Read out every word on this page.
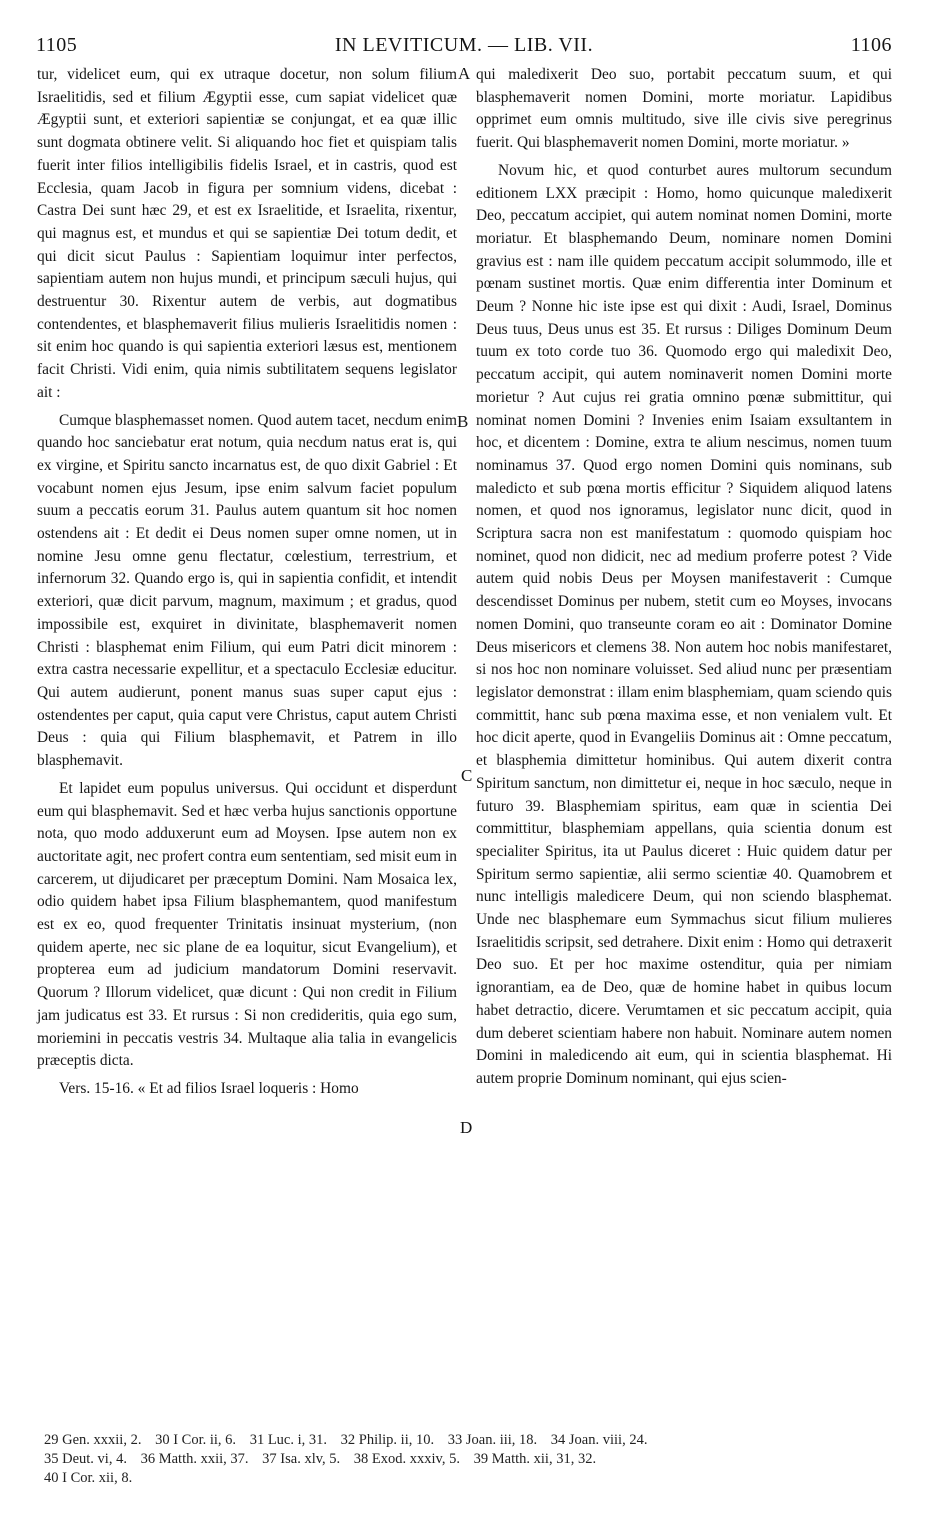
1105	IN LEVITICUM. — LIB. VII.	1106

tur, videlicet eum, qui ex utraque docetur, non solum filium Israelitidis, sed et filium Ægyptii esse, cum sapiat videlicet quæ Ægyptii sunt, et exteriori sapientiæ se conjungat, et ea quæ illic sunt dogmata obtinere velit. Si aliquando hoc fiet et quispiam talis fuerit inter filios intelligibilis fidelis Israel, et in castris, quod est Ecclesia, quam Jacob in figura per somnium videns, dicebat : Castra Dei sunt hæc 29, et est ex Israelitide, et Israelita, rixentur, qui magnus est, et mundus et qui se sapientiæ Dei totum dedit, et qui dicit sicut Paulus : Sapientiam loquimur inter perfectos, sapientiam autem non hujus mundi, et principum sæculi hujus, qui destruentur 30. Rixentur autem de verbis, aut dogmatibus contendentes, et blasphemaverit filius mulieris Israelitidis nomen : sit enim hoc quando is qui sapientia exteriori læsus est, mentionem facit Christi. Vidi enim, quia nimis subtilitatem sequens legislator ait :

Cumque blasphemasset nomen. Quod autem tacet, necdum enim quando hoc sanciebatur erat notum, quia necdum natus erat is, qui ex virgine, et Spiritu sancto incarnatus est, de quo dixit Gabriel : Et vocabunt nomen ejus Jesum, ipse enim salvum faciet populum suum a peccatis eorum 31. Paulus autem quantum sit hoc nomen ostendens ait : Et dedit ei Deus nomen super omne nomen, ut in nomine Jesu omne genu flectatur, cœlestium, terrestrium, et infernorum 32. Quando ergo is, qui in sapientia confidit, et intendit exteriori, quæ dicit parvum, magnum, maximum ; et gradus, quod impossibile est, exquiret in divinitate, blasphemaverit nomen Christi : blasphemat enim Filium, qui eum Patri dicit minorem : extra castra necessarie expellitur, et a spectaculo Ecclesiæ educitur. Qui autem audierunt, ponent manus suas super caput ejus : ostendentes per caput, quia caput vere Christus, caput autem Christi Deus : quia qui Filium blasphemavit, et Patrem in illo blasphemavit.

Et lapidet eum populus universus. Qui occidunt et disperdunt eum qui blasphemavit. Sed et hæc verba hujus sanctionis opportune nota, quo modo adduxerunt eum ad Moysen. Ipse autem non ex auctoritate agit, nec profert contra eum sententiam, sed misit eum in carcerem, ut dijudicaret per præceptum Domini. Nam Mosaica lex, odio quidem habet ipsa Filium blasphemantem, quod manifestum est ex eo, quod frequenter Trinitatis insinuat mysterium, (non quidem aperte, nec sic plane de ea loquitur, sicut Evangelium), et propterea eum ad judicium mandatorum Domini reservavit. Quorum ? Illorum videlicet, quæ dicunt : Qui non credit in Filium jam judicatus est 33. Et rursus : Si non credideritis, quia ego sum, moriemini in peccatis vestris 34. Multaque alia talia in evangelicis præceptis dicta.

Vers. 15-16. « Et ad filios Israel loqueris : Homo

A
B
C
D

qui maledixerit Deo suo, portabit peccatum suum, et qui blasphemaverit nomen Domini, morte moriatur. Lapidibus opprimet eum omnis multitudo, sive ille civis sive peregrinus fuerit. Qui blasphemaverit nomen Domini, morte moriatur. »

Novum hic, et quod conturbet aures multorum secundum editionem LXX præcipit : Homo, homo quicunque maledixerit Deo, peccatum accipiet, qui autem nominat nomen Domini, morte moriatur. Et blasphemando Deum, nominare nomen Domini gravius est : nam ille quidem peccatum accipit solummodo, ille et pœnam sustinet mortis. Quæ enim differentia inter Dominum et Deum ? Nonne hic iste ipse est qui dixit : Audi, Israel, Dominus Deus tuus, Deus unus est 35. Et rursus : Diliges Dominum Deum tuum ex toto corde tuo 36. Quomodo ergo qui maledixit Deo, peccatum accipit, qui autem nominaverit nomen Domini morte morietur ? Aut cujus rei gratia omnino pœnæ submittitur, qui nominat nomen Domini ? Invenies enim Isaiam exsultantem in hoc, et dicentem : Domine, extra te alium nescimus, nomen tuum nominamus 37. Quod ergo nomen Domini quis nominans, sub maledicto et sub pœna mortis efficitur ? Siquidem aliquod latens nomen, et quod nos ignoramus, legislator nunc dicit, quod in Scriptura sacra non est manifestatum : quomodo quispiam hoc nominet, quod non didicit, nec ad medium proferre potest ? Vide autem quid nobis Deus per Moysen manifestaverit : Cumque descendisset Dominus per nubem, stetit cum eo Moyses, invocans nomen Domini, quo transeunte coram eo ait : Dominator Domine Deus misericors et clemens 38. Non autem hoc nobis manifestaret, si nos hoc non nominare voluisset. Sed aliud nunc per præsentiam legislator demonstrat : illam enim blasphemiam, quam sciendo quis committit, hanc sub pœna maxima esse, et non venialem vult. Et hoc dicit aperte, quod in Evangeliis Dominus ait : Omne peccatum, et blasphemia dimittetur hominibus. Qui autem dixerit contra Spiritum sanctum, non dimittetur ei, neque in hoc sæculo, neque in futuro 39. Blasphemiam spiritus, eam quæ in scientia Dei committitur, blasphemiam appellans, quia scientia donum est specialiter Spiritus, ita ut Paulus diceret : Huic quidem datur per Spiritum sermo sapientiæ, alii sermo scientiæ 40. Quamobrem et nunc intelligis maledicere Deum, qui non sciendo blasphemat. Unde nec blasphemare eum Symmachus sicut filium mulieres Israelitidis scripsit, sed detrahere. Dixit enim : Homo qui detraxerit Deo suo. Et per hoc maxime ostenditur, quia per nimiam ignorantiam, ea de Deo, quæ de homine habet in quibus locum habet detractio, dicere. Verumtamen et sic peccatum accipit, quia dum deberet scientiam habere non habuit. Nominare autem nomen Domini in maledicendo ait eum, qui in scientia blasphemat. Hi autem proprie Dominum nominant, qui ejus scien-

29 Gen. xxxii, 2. 30 I Cor. ii, 6. 31 Luc. i, 31. 32 Philip. ii, 10. 33 Joan. iii, 18. 34 Joan. viii, 24.
35 Deut. vi, 4. 36 Matth. xxii, 37. 37 Isa. xlv, 5. 38 Exod. xxxiv, 5. 39 Matth. xii, 31, 32.
40 I Cor. xii, 8.
